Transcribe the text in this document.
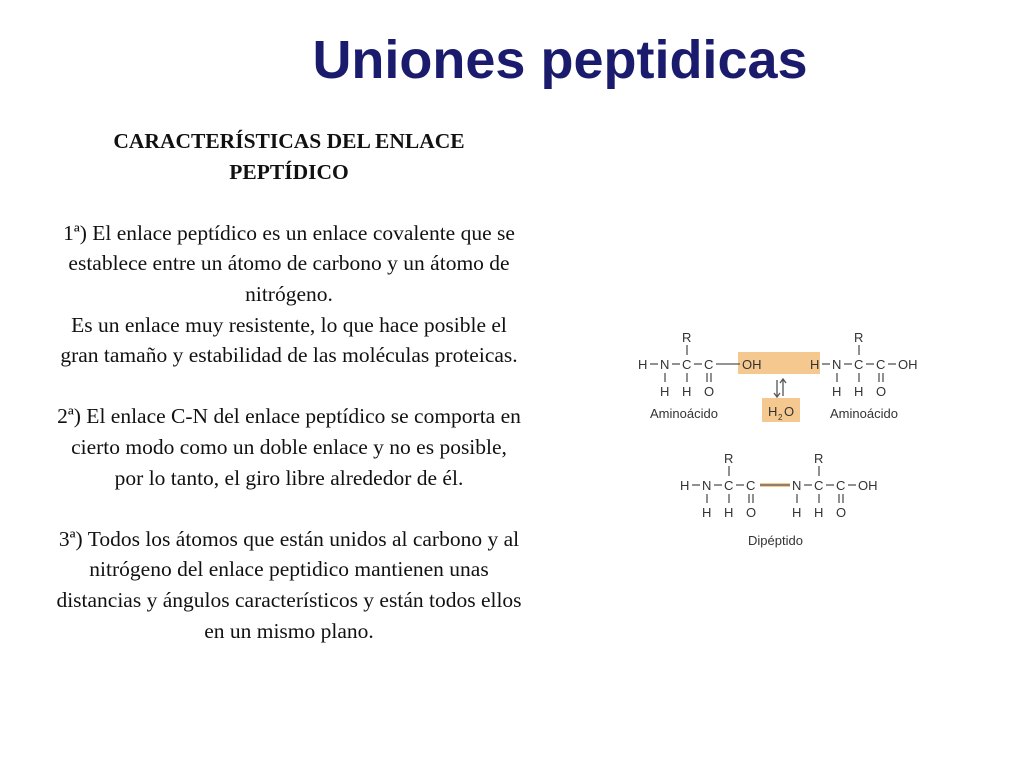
Uniones peptidicas

CARACTERÍSTICAS DEL ENLACE
PEPTÍDICO

1ª) El enlace peptídico es un enlace covalente que se
establece entre un átomo de carbono y un átomo de
nitrógeno.
Es un enlace muy resistente, lo que hace posible el
gran tamaño y estabilidad de las moléculas proteicas.

2ª) El enlace C-N del enlace peptídico se comporta en
cierto modo como un doble enlace y no es posible,
por lo tanto, el giro libre alrededor de él.

3ª) Todos los átomos que están unidos al carbono y al
nitrógeno del enlace peptidico mantienen unas
distancias y ángulos característicos y están todos ellos
en un mismo plano.

H N C C OH
H H O
R
H N C C OH
H H O
R
H 2 O
Aminoácido	Aminoácido
H N C C	N C C OH
H H O	H H O
R	R
Dipéptido
